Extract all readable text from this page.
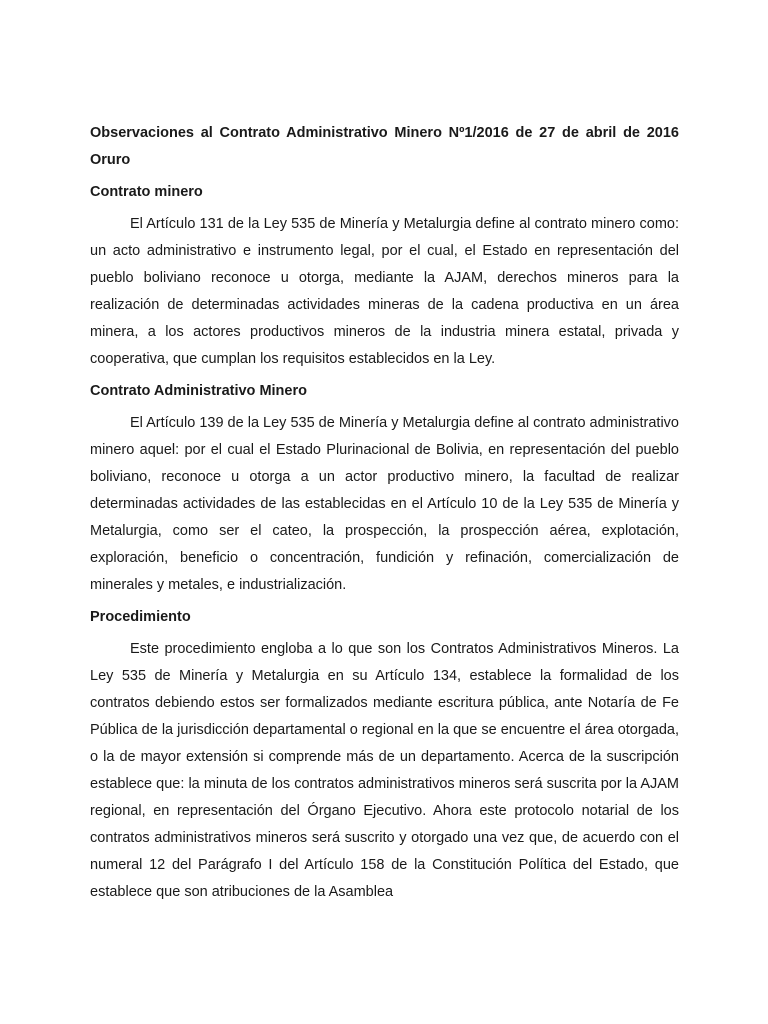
Observaciones al Contrato Administrativo Minero Nº1/2016 de 27 de abril de 2016 Oruro

Contrato minero

El Artículo 131 de la Ley 535 de Minería y Metalurgia define al contrato minero como: un acto administrativo e instrumento legal, por el cual, el Estado en representación del pueblo boliviano reconoce u otorga, mediante la AJAM, derechos mineros para la realización de determinadas actividades mineras de la cadena productiva en un área minera, a los actores productivos mineros de la industria minera estatal, privada y cooperativa, que cumplan los requisitos establecidos en la Ley.

Contrato Administrativo Minero

El Artículo 139 de la Ley 535 de Minería y Metalurgia define al contrato administrativo minero aquel: por el cual el Estado Plurinacional de Bolivia, en representación del pueblo boliviano, reconoce u otorga a un actor productivo minero, la facultad de realizar determinadas actividades de las establecidas en el Artículo 10 de la Ley 535 de Minería y Metalurgia, como ser el cateo, la prospección, la prospección aérea, explotación, exploración, beneficio o concentración, fundición y refinación, comercialización de minerales y metales, e industrialización.

Procedimiento

Este procedimiento engloba a lo que son los Contratos Administrativos Mineros. La Ley 535 de Minería y Metalurgia en su Artículo 134, establece la formalidad de los contratos debiendo estos ser formalizados mediante escritura pública, ante Notaría de Fe Pública de la jurisdicción departamental o regional en la que se encuentre el área otorgada, o la de mayor extensión si comprende más de un departamento. Acerca de la suscripción establece que: la minuta de los contratos administrativos mineros será suscrita por la AJAM regional, en representación del Órgano Ejecutivo. Ahora este protocolo notarial de los contratos administrativos mineros será suscrito y otorgado una vez que, de acuerdo con el numeral 12 del Parágrafo I del Artículo 158 de la Constitución Política del Estado, que establece que son atribuciones de la Asamblea
